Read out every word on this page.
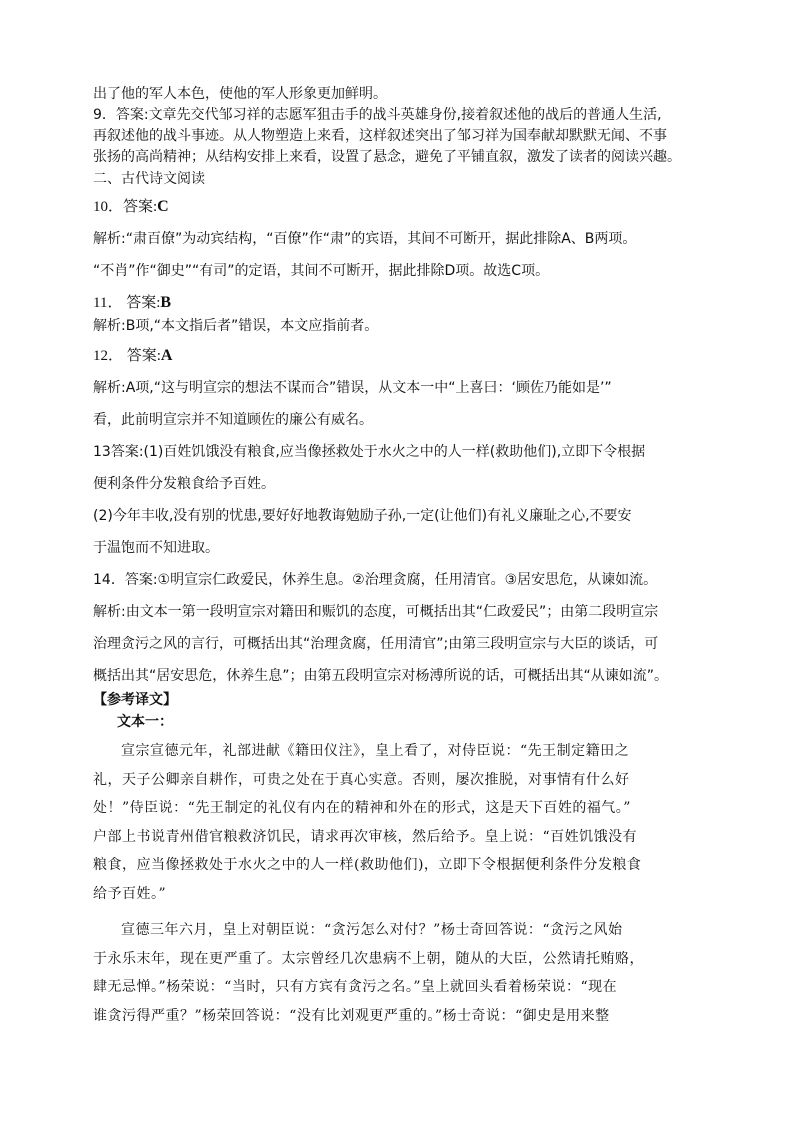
出了他的军人本色，使他的军人形象更加鲜明。
9．答案:文章先交代邹习祥的志愿军狙击手的战斗英雄身份,接着叙述他的战后的普通人生活,
再叙述他的战斗事迹。从人物塑造上来看，这样叙述突出了邹习祥为国奉献却默默无闻、不事
张扬的高尚精神；从结构安排上来看，设置了悬念，避免了平铺直叙，激发了读者的阅读兴趣。
二、古代诗文阅读
10．答案:C
解析:“肃百僚”为动宾结构，“百僚”作“肃”的宾语，其间不可断开，据此排除A、B两项。
“不肖”作“御史”“有司”的定语，其间不可断开，据此排除D项。故选C项。
11． 答案:B
解析:B项,“本文指后者”错误，本文应指前者。
12． 答案:A
解析:A项,“这与明宣宗的想法不谋而合”错误，从文本一中“上喜曰：‘顾佐乃能如是’”
看，此前明宣宗并不知道顾佐的廉公有威名。
13答案:(1)百姓饥饿没有粮食,应当像拯救处于水火之中的人一样(救助他们),立即下令根据
便利条件分发粮食给予百姓。
(2)今年丰收,没有别的忧患,要好好地教诲勉励子孙,一定(让他们)有礼义廉耻之心,不要安
于温饱而不知进取。
14．答案:①明宣宗仁政爱民，休养生息。②治理贪腐，任用清官。③居安思危，从谏如流。
解析:由文本一第一段明宣宗对籍田和赈饥的态度，可概括出其“仁政爱民”；由第二段明宣宗
治理贪污之风的言行，可概括出其“治理贪腐，任用清官”;由第三段明宣宗与大臣的谈话，可
概括出其“居安思危，休养生息”；由第五段明宣宗对杨溥所说的话，可概括出其“从谏如流”。
【参考译文】
文本一：
宣宗宣德元年，礼部进献《籍田仪注》，皇上看了，对侍臣说：“先王制定籍田之
礼，天子公卿亲自耕作，可贵之处在于真心实意。否则，屡次推脱，对事情有什么好
处！”侍臣说：“先王制定的礼仪有内在的精神和外在的形式，这是天下百姓的福气。”
户部上书说青州借官粮救济饥民，请求再次审核，然后给予。皇上说：“百姓饥饿没有
粮食，应当像拯救处于水火之中的人一样(救助他们)，立即下令根据便利条件分发粮食
给予百姓。”
宣德三年六月，皇上对朝臣说：“贪污怎么对付？”杨士奇回答说：“贪污之风始
于永乐末年，现在更严重了。太宗曾经几次患病不上朝，随从的大臣，公然请托贿赂，
肆无忌惮。”杨荣说：“当时，只有方宾有贪污之名。”皇上就回头看着杨荣说：“现在
谁贪污得严重？”杨荣回答说：“没有比刘观更严重的。”杨士奇说：“御史是用来整
